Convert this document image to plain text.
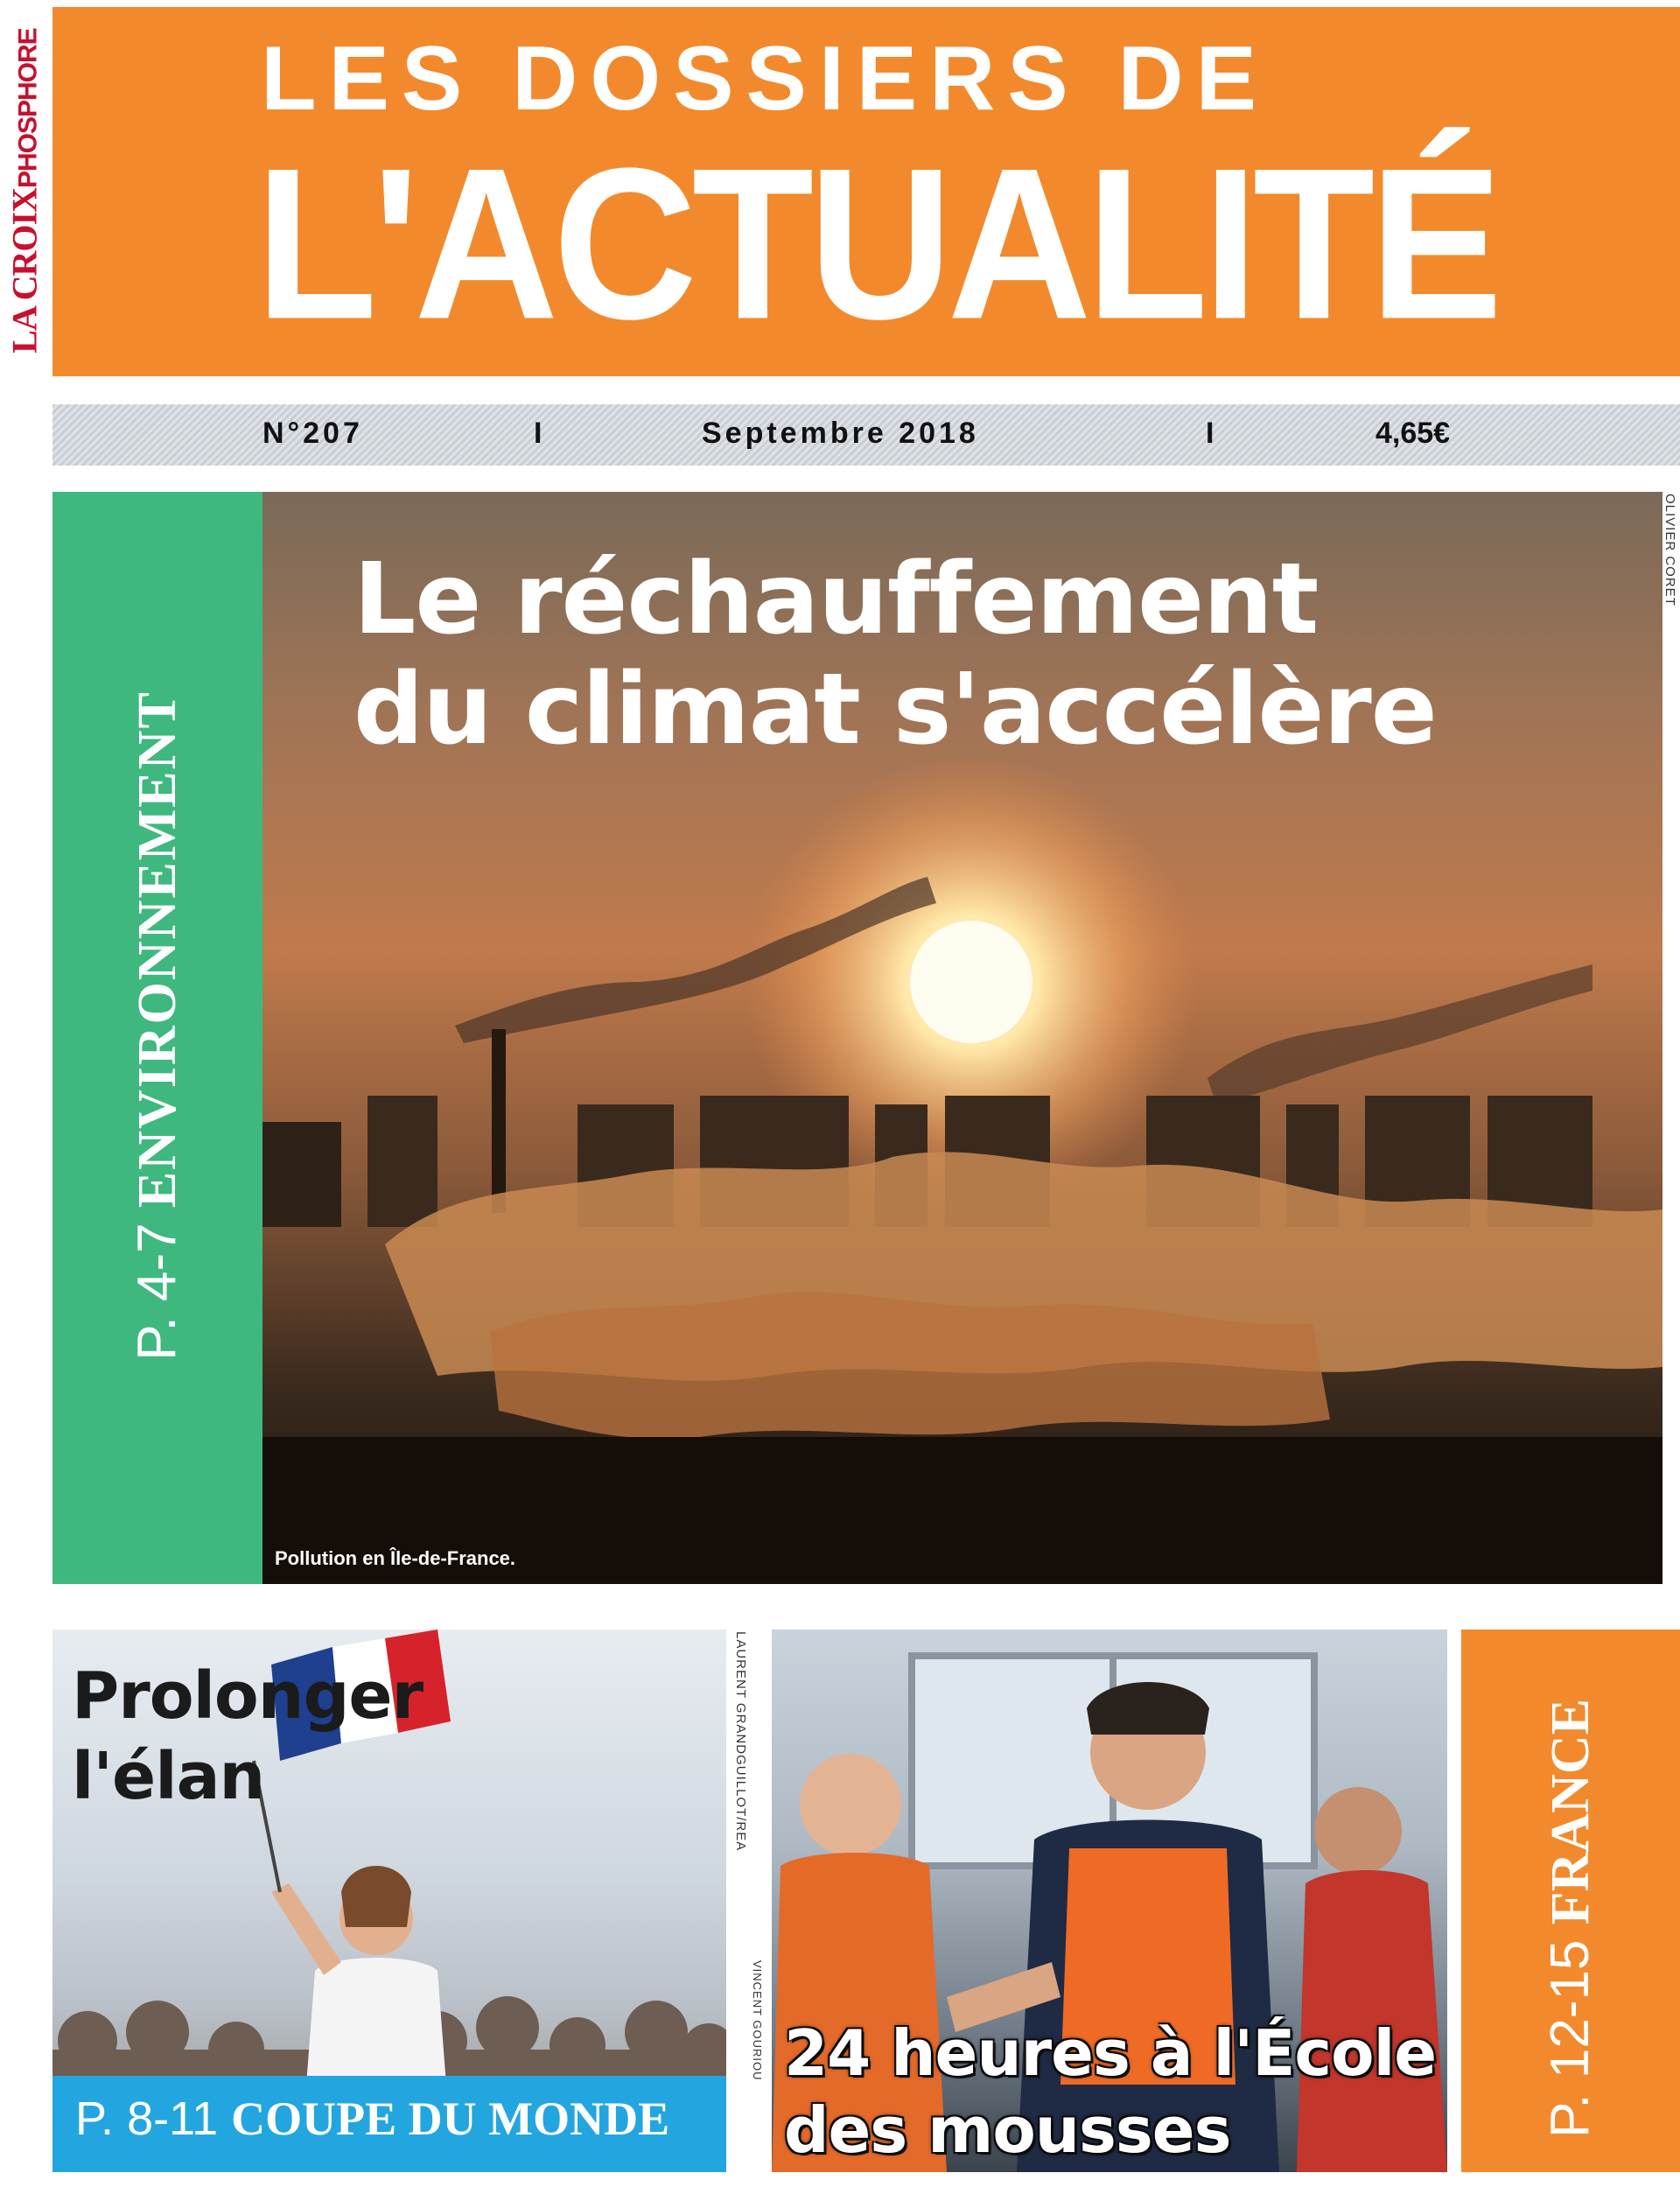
LA CROIXPHOSPHORE LES DOSSIERS DE
L'ACTUALITÉ
N°207	I	Septembre 2018	I	4,65€
P. 4-7 ENVIRONNEMENT
Le réchauffement
du climat s'accélère
Pollution en Île-de-France.
OLIVIER CORET
Prolonger
l'élan
P. 8-11 COUPE DU MONDE
LAURENT GRANDGUILLOT/REA
VINCENT GOURIOU 24 heures à l'École
des mousses	P. 12-15 FRANCE
